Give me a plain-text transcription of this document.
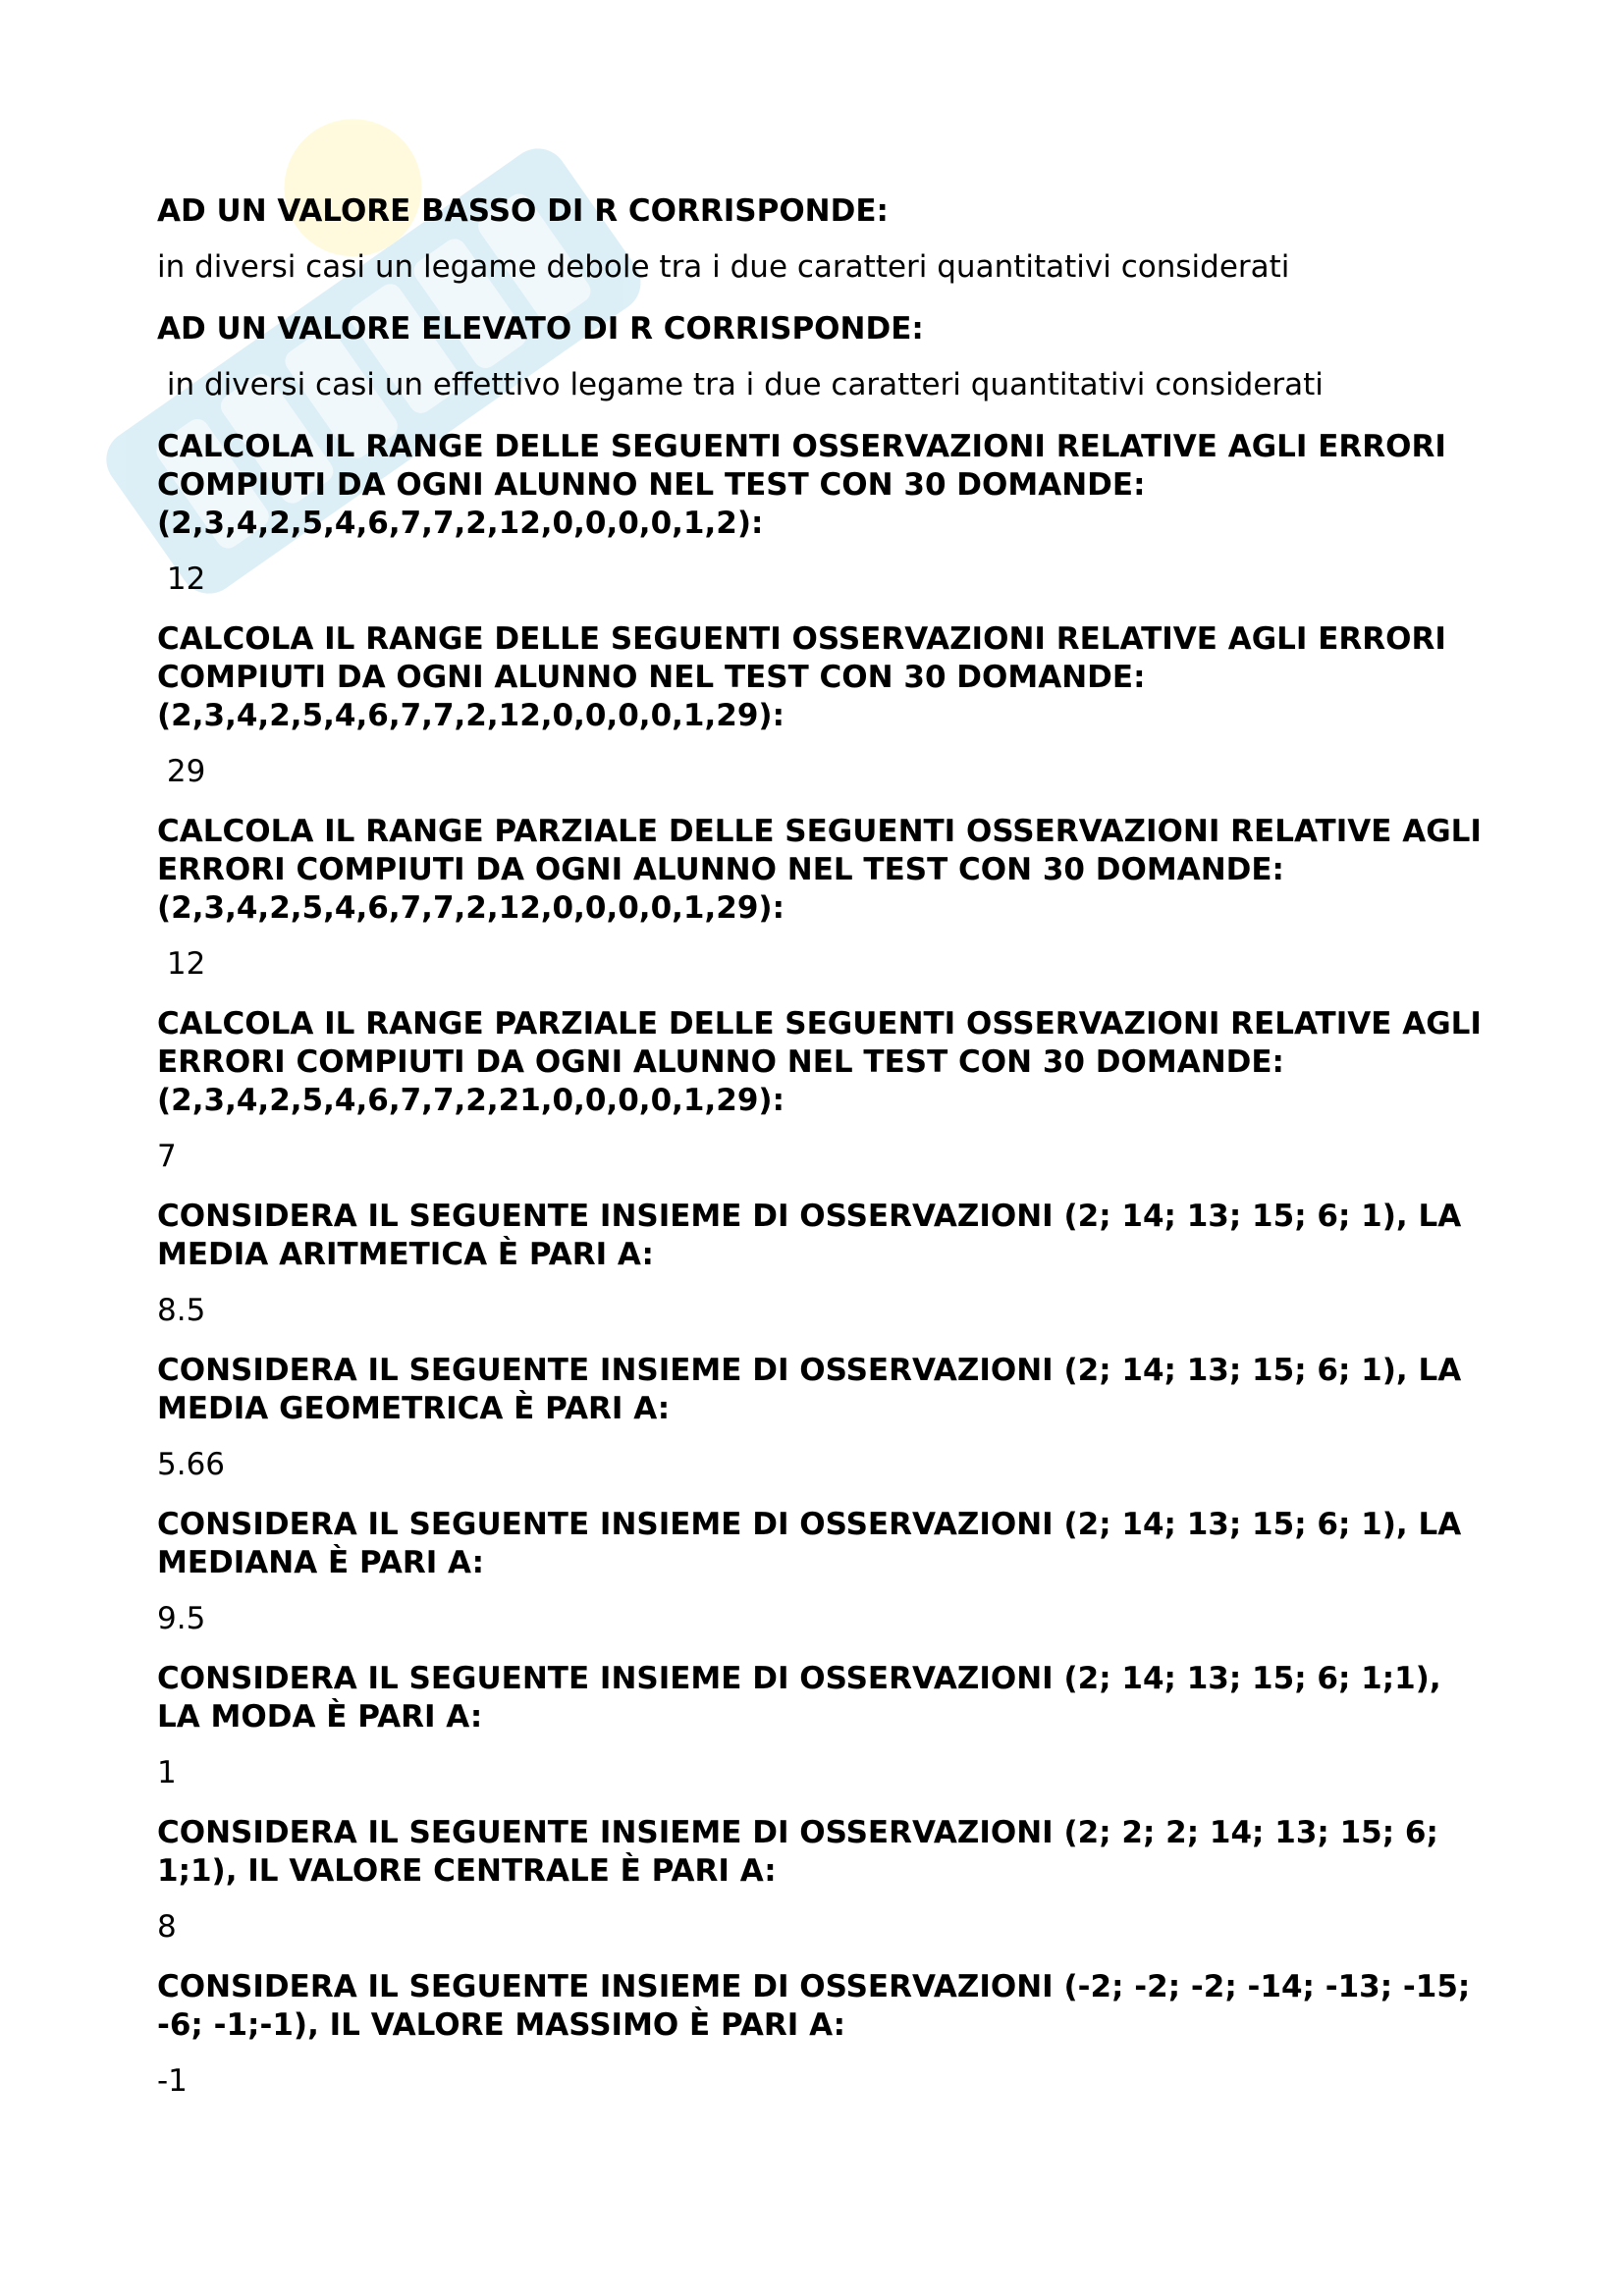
AD UN VALORE BASSO DI R CORRISPONDE:

in diversi casi un legame debole tra i due caratteri quantitativi considerati

AD UN VALORE ELEVATO DI R CORRISPONDE:

in diversi casi un effettivo legame tra i due caratteri quantitativi considerati

CALCOLA IL RANGE DELLE SEGUENTI OSSERVAZIONI RELATIVE AGLI ERRORI
COMPIUTI DA OGNI ALUNNO NEL TEST CON 30 DOMANDE:
(2,3,4,2,5,4,6,7,7,2,12,0,0,0,0,1,2):

12

CALCOLA IL RANGE DELLE SEGUENTI OSSERVAZIONI RELATIVE AGLI ERRORI
COMPIUTI DA OGNI ALUNNO NEL TEST CON 30 DOMANDE:
(2,3,4,2,5,4,6,7,7,2,12,0,0,0,0,1,29):

29

CALCOLA IL RANGE PARZIALE DELLE SEGUENTI OSSERVAZIONI RELATIVE AGLI
ERRORI COMPIUTI DA OGNI ALUNNO NEL TEST CON 30 DOMANDE:
(2,3,4,2,5,4,6,7,7,2,12,0,0,0,0,1,29):

12

CALCOLA IL RANGE PARZIALE DELLE SEGUENTI OSSERVAZIONI RELATIVE AGLI
ERRORI COMPIUTI DA OGNI ALUNNO NEL TEST CON 30 DOMANDE:
(2,3,4,2,5,4,6,7,7,2,21,0,0,0,0,1,29):

7

CONSIDERA IL SEGUENTE INSIEME DI OSSERVAZIONI (2; 14; 13; 15; 6; 1), LA
MEDIA ARITMETICA È PARI A:

8.5

CONSIDERA IL SEGUENTE INSIEME DI OSSERVAZIONI (2; 14; 13; 15; 6; 1), LA
MEDIA GEOMETRICA È PARI A:

5.66

CONSIDERA IL SEGUENTE INSIEME DI OSSERVAZIONI (2; 14; 13; 15; 6; 1), LA
MEDIANA È PARI A:

9.5

CONSIDERA IL SEGUENTE INSIEME DI OSSERVAZIONI (2; 14; 13; 15; 6; 1;1),
LA MODA È PARI A:

1

CONSIDERA IL SEGUENTE INSIEME DI OSSERVAZIONI (2; 2; 2; 14; 13; 15; 6;
1;1), IL VALORE CENTRALE È PARI A:

8

CONSIDERA IL SEGUENTE INSIEME DI OSSERVAZIONI (-2; -2; -2; -14; -13; -15;
-6; -1;-1), IL VALORE MASSIMO È PARI A:

-1
